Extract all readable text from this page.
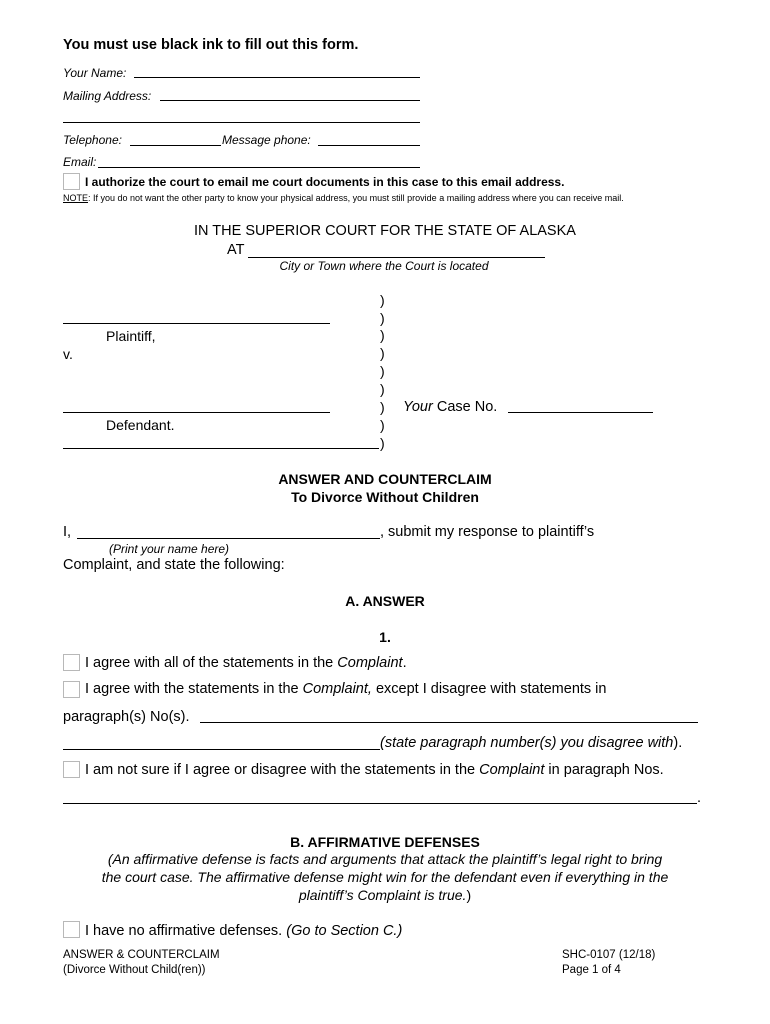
You must use black ink to fill out this form.
Your Name:
Mailing Address:
Telephone:	Message phone:
Email:
I authorize the court to email me court documents in this case to this email address.
NOTE: If you do not want the other party to know your physical address, you must still provide a mailing address where you can receive mail.
IN THE SUPERIOR COURT FOR THE STATE OF ALASKA
AT
City or Town where the Court is located
Plaintiff,
v.
Defendant.
)
)
)
)
)
)
)
)
)
Your Case No.
ANSWER AND COUNTERCLAIM
To Divorce Without Children
I,	, submit my response to plaintiff’s
(Print your name here)
Complaint, and state the following:
A. ANSWER
1.
I agree with all of the statements in the Complaint.
I agree with the statements in the Complaint, except I disagree with statements in
paragraph(s) No(s).
(state paragraph number(s) you disagree with).
I am not sure if I agree or disagree with the statements in the Complaint in paragraph Nos.
.
B. AFFIRMATIVE DEFENSES
(An affirmative defense is facts and arguments that attack the plaintiff’s legal right to bring
the court case. The affirmative defense might win for the defendant even if everything in the
plaintiff’s Complaint is true.)
I have no affirmative defenses. (Go to Section C.)
ANSWER & COUNTERCLAIM
(Divorce Without Child(ren))
SHC-0107 (12/18)
Page 1 of 4
